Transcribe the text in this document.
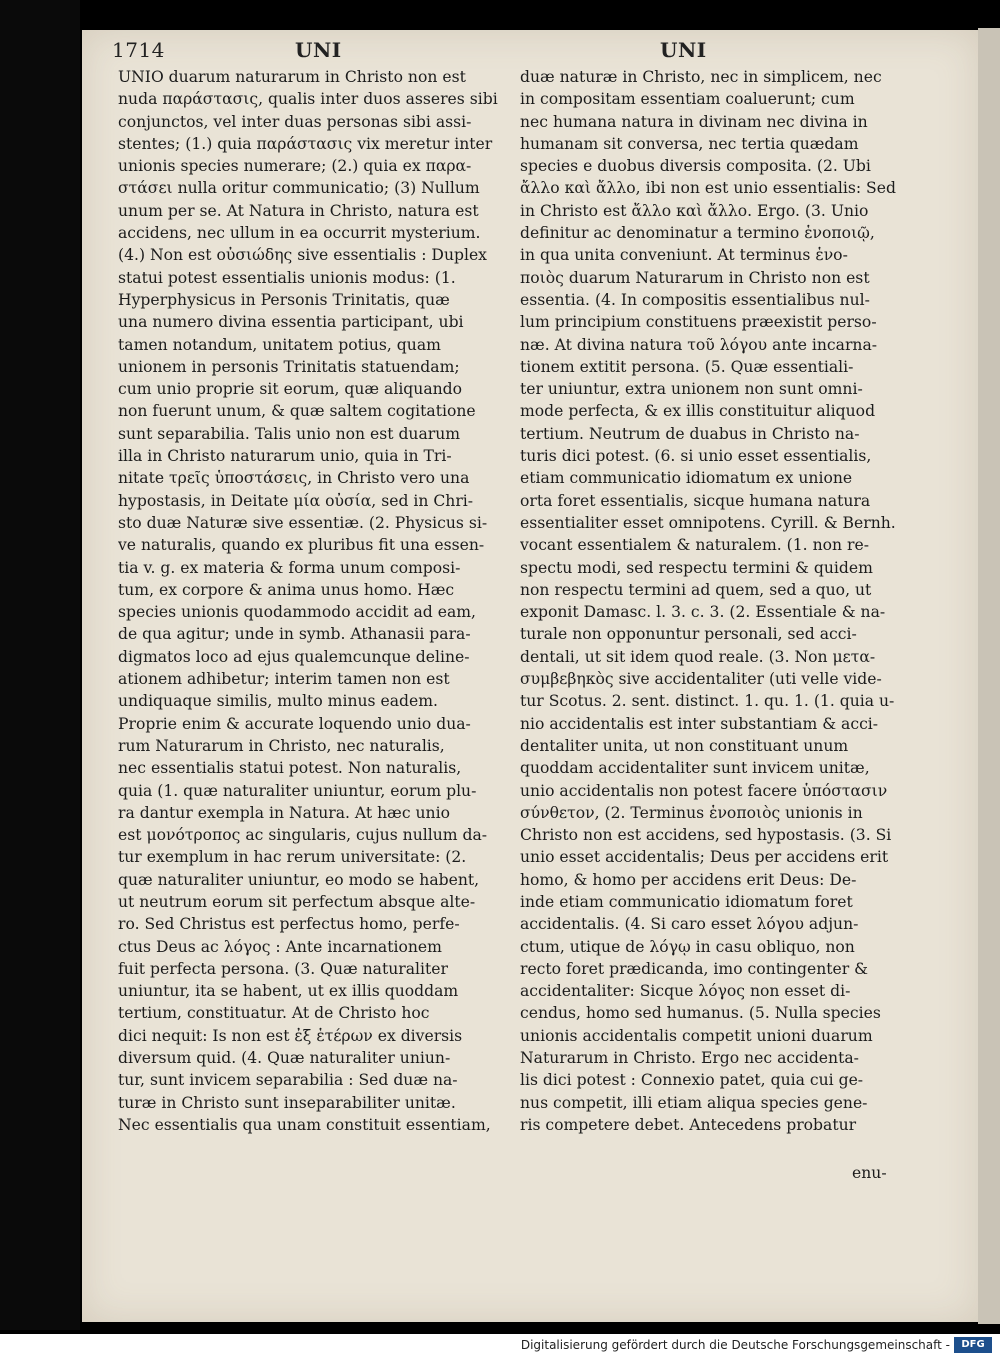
1714	UNI	UNI
UNIO duarum naturarum in Christo non est
nuda παράστασις, qualis inter duos asseres sibi
conjunctos, vel inter duas personas sibi assi-
stentes; (1.) quia παράστασις vix meretur inter
unionis species numerare; (2.) quia ex παρα-
στάσει nulla oritur communicatio; (3) Nullum
unum per se. At Natura in Christo, natura est
accidens, nec ullum in ea occurrit mysterium.
(4.) Non est οὐσιώδης sive essentialis : Duplex
statui potest essentialis unionis modus: (1.
Hyperphysicus in Personis Trinitatis, quæ
una numero divina essentia participant, ubi
tamen notandum, unitatem potius, quam
unionem in personis Trinitatis statuendam;
cum unio proprie sit eorum, quæ aliquando
non fuerunt unum, & quæ saltem cogitatione
sunt separabilia. Talis unio non est duarum
illa in Christo naturarum unio, quia in Tri-
nitate τρεῖς ὑποστάσεις, in Christo vero una
hypostasis, in Deitate μία οὐσία, sed in Chri-
sto duæ Naturæ sive essentiæ. (2. Physicus si-
ve naturalis, quando ex pluribus fit una essen-
tia v. g. ex materia & forma unum composi-
tum, ex corpore & anima unus homo. Hæc
species unionis quodammodo accidit ad eam,
de qua agitur; unde in symb. Athanasii para-
digmatos loco ad ejus qualemcunque deline-
ationem adhibetur; interim tamen non est
undiquaque similis, multo minus eadem.
Proprie enim & accurate loquendo unio dua-
rum Naturarum in Christo, nec naturalis,
nec essentialis statui potest. Non naturalis,
quia (1. quæ naturaliter uniuntur, eorum plu-
ra dantur exempla in Natura. At hæc unio
est μονότροπος ac singularis, cujus nullum da-
tur exemplum in hac rerum universitate: (2.
quæ naturaliter uniuntur, eo modo se habent,
ut neutrum eorum sit perfectum absque alte-
ro. Sed Christus est perfectus homo, perfe-
ctus Deus ac λόγος : Ante incarnationem
fuit perfecta persona. (3. Quæ naturaliter
uniuntur, ita se habent, ut ex illis quoddam
tertium, constituatur. At de Christo hoc
dici nequit: Is non est ἐξ ἑτέρων ex diversis
diversum quid. (4. Quæ naturaliter uniun-
tur, sunt invicem separabilia : Sed duæ na-
turæ in Christo sunt inseparabiliter unitæ.
Nec essentialis qua unam constituit essentiam,
duæ naturæ in Christo, nec in simplicem, nec
in compositam essentiam coaluerunt; cum
nec humana natura in divinam nec divina in
humanam sit conversa, nec tertia quædam
species e duobus diversis composita. (2. Ubi
ἄλλο καὶ ἄλλο, ibi non est unio essentialis: Sed
in Christo est ἄλλο καὶ ἄλλο. Ergo. (3. Unio
definitur ac denominatur a termino ἑνοποιῷ,
in qua unita conveniunt. At terminus ἑνο-
ποιὸς duarum Naturarum in Christo non est
essentia. (4. In compositis essentialibus nul-
lum principium constituens præexistit perso-
næ. At divina natura τοῦ λόγου ante incarna-
tionem extitit persona. (5. Quæ essentiali-
ter uniuntur, extra unionem non sunt omni-
mode perfecta, & ex illis constituitur aliquod
tertium. Neutrum de duabus in Christo na-
turis dici potest. (6. si unio esset essentialis,
etiam communicatio idiomatum ex unione
orta foret essentialis, sicque humana natura
essentialiter esset omnipotens. Cyrill. & Bernh.
vocant essentialem & naturalem. (1. non re-
spectu modi, sed respectu termini & quidem
non respectu termini ad quem, sed a quo, ut
exponit Damasc. l. 3. c. 3. (2. Essentiale & na-
turale non opponuntur personali, sed acci-
dentali, ut sit idem quod reale. (3. Non μετα-
συμβεβηκὸς sive accidentaliter (uti velle vide-
tur Scotus. 2. sent. distinct. 1. qu. 1. (1. quia u-
nio accidentalis est inter substantiam & acci-
dentaliter unita, ut non constituant unum
quoddam accidentaliter sunt invicem unitæ,
unio accidentalis non potest facere ὑπόστασιν
σύνθετον, (2. Terminus ἑνοποιὸς unionis in
Christo non est accidens, sed hypostasis. (3. Si
unio esset accidentalis; Deus per accidens erit
homo, & homo per accidens erit Deus: De-
inde etiam communicatio idiomatum foret
accidentalis. (4. Si caro esset λόγου adjun-
ctum, utique de λόγῳ in casu obliquo, non
recto foret prædicanda, imo contingenter &
accidentaliter: Sicque λόγος non esset di-
cendus, homo sed humanus. (5. Nulla species
unionis accidentalis competit unioni duarum
Naturarum in Christo. Ergo nec accidenta-
lis dici potest : Connexio patet, quia cui ge-
nus competit, illi etiam aliqua species gene-
ris competere debet. Antecedens probatur
enu-
Digitalisierung gefördert durch die Deutsche Forschungsgemeinschaft -	DFG
